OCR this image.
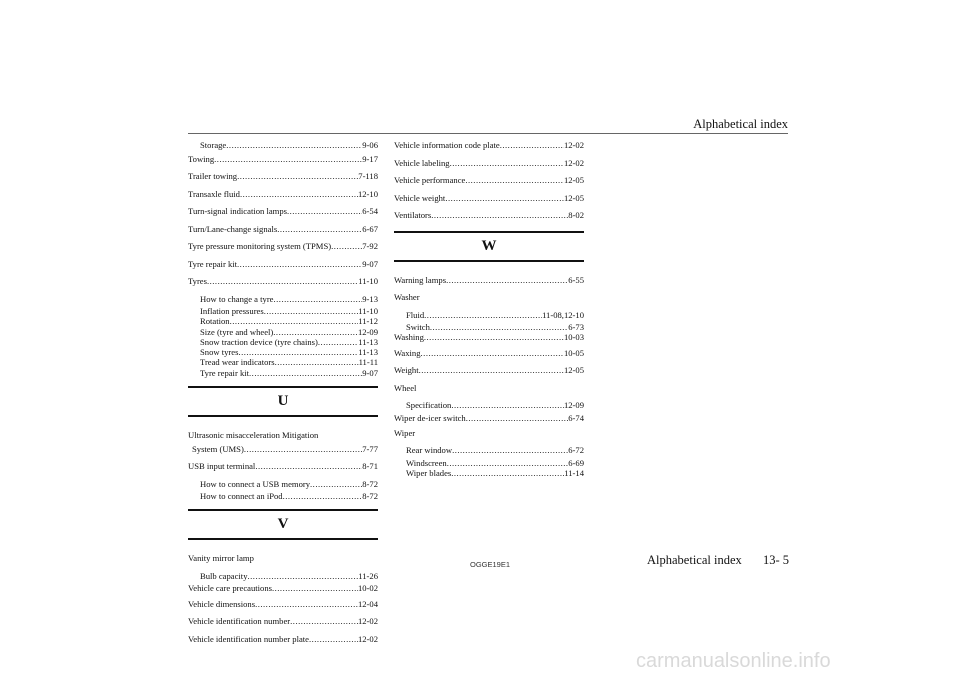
Alphabetical index
Storage .....	9-06
Towing .....	9-17
Trailer towing .....	7-118
Transaxle fluid .....	12-10
Turn-signal indication lamps .....	6-54
Turn/Lane-change signals .....	6-67
Tyre pressure monitoring system (TPMS) .....	7-92
Tyre repair kit .....	9-07
Tyres .....	11-10
How to change a tyre .....	9-13
Inflation pressures .....	11-10
Rotation .....	11-12
Size (tyre and wheel) .....	12-09
Snow traction device (tyre chains) .....	11-13
Snow tyres .....	11-13
Tread wear indicators .....	11-11
Tyre repair kit .....	9-07
U
Ultrasonic misacceleration Mitigation
System (UMS) .....	7-77
USB input terminal .....	8-71
How to connect a USB memory .....	8-72
How to connect an iPod .....	8-72
V
Vanity mirror lamp
Bulb capacity .....	11-26
Vehicle care precautions .....	10-02
Vehicle dimensions .....	12-04
Vehicle identification number .....	12-02
Vehicle identification number plate .....	12-02
Vehicle information code plate .....	12-02
Vehicle labeling .....	12-02
Vehicle performance .....	12-05
Vehicle weight .....	12-05
Ventilators .....	8-02
W
Warning lamps .....	6-55
Washer
Fluid .....	11-08,12-10
Switch .....	6-73
Washing .....	10-03
Waxing .....	10-05
Weight .....	12-05
Wheel
Specification .....	12-09
Wiper de-icer switch .....	6-74
Wiper
Rear window .....	6-72
Windscreen .....	6-69
Wiper blades .....	11-14
OGGE19E1	Alphabetical index 13- 5
carmanualsonline.info
